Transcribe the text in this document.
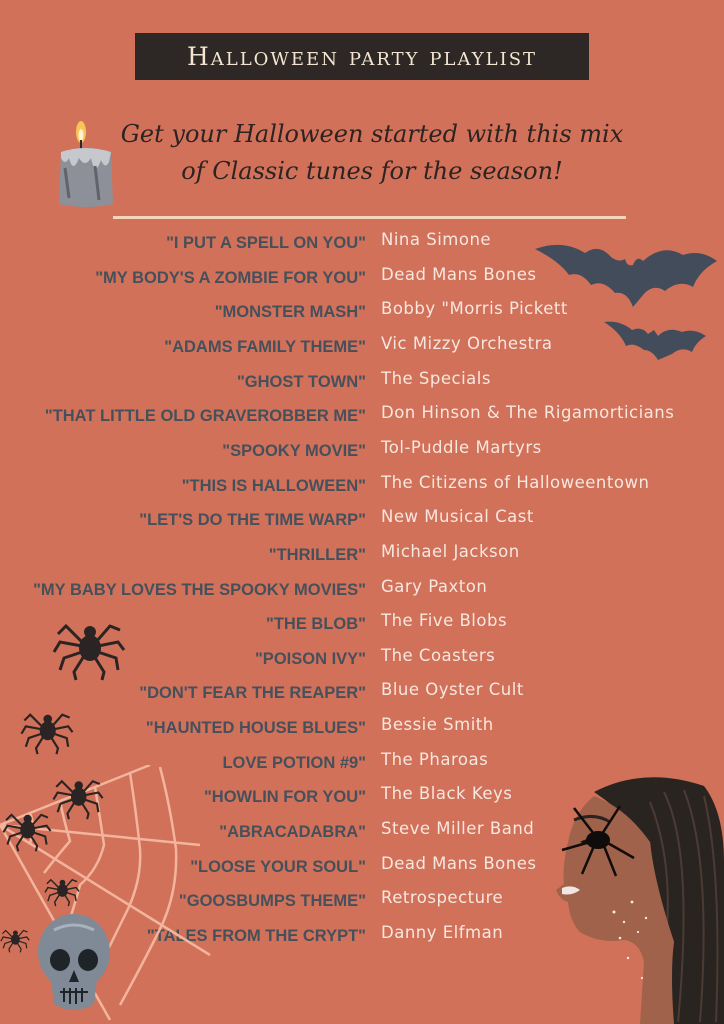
Halloween party playlist
Get your Halloween started with this mix
of Classic tunes for the season!
"I PUT A SPELL ON YOU" Nina Simone
"MY BODY'S A ZOMBIE FOR YOU" Dead Mans Bones
"MONSTER MASH" Bobby "Morris Pickett
"ADAMS FAMILY THEME" Vic Mizzy Orchestra
"GHOST TOWN" The Specials
"THAT LITTLE OLD GRAVEROBBER ME" Don Hinson & The Rigamorticians
"SPOOKY MOVIE" Tol-Puddle Martyrs
"THIS IS HALLOWEEN" The Citizens of Halloweentown
"LET'S DO THE TIME WARP" New Musical Cast
"THRILLER" Michael Jackson
"MY BABY LOVES THE SPOOKY MOVIES" Gary Paxton
"THE BLOB" The Five Blobs
"POISON IVY" The Coasters
"DON'T FEAR THE REAPER" Blue Oyster Cult
"HAUNTED HOUSE BLUES" Bessie Smith
LOVE POTION #9" The Pharoas
"HOWLIN FOR YOU" The Black Keys
"ABRACADABRA" Steve Miller Band
"LOOSE YOUR SOUL" Dead Mans Bones
"GOOSBUMPS THEME" Retrospecture
"TALES FROM THE CRYPT" Danny Elfman
